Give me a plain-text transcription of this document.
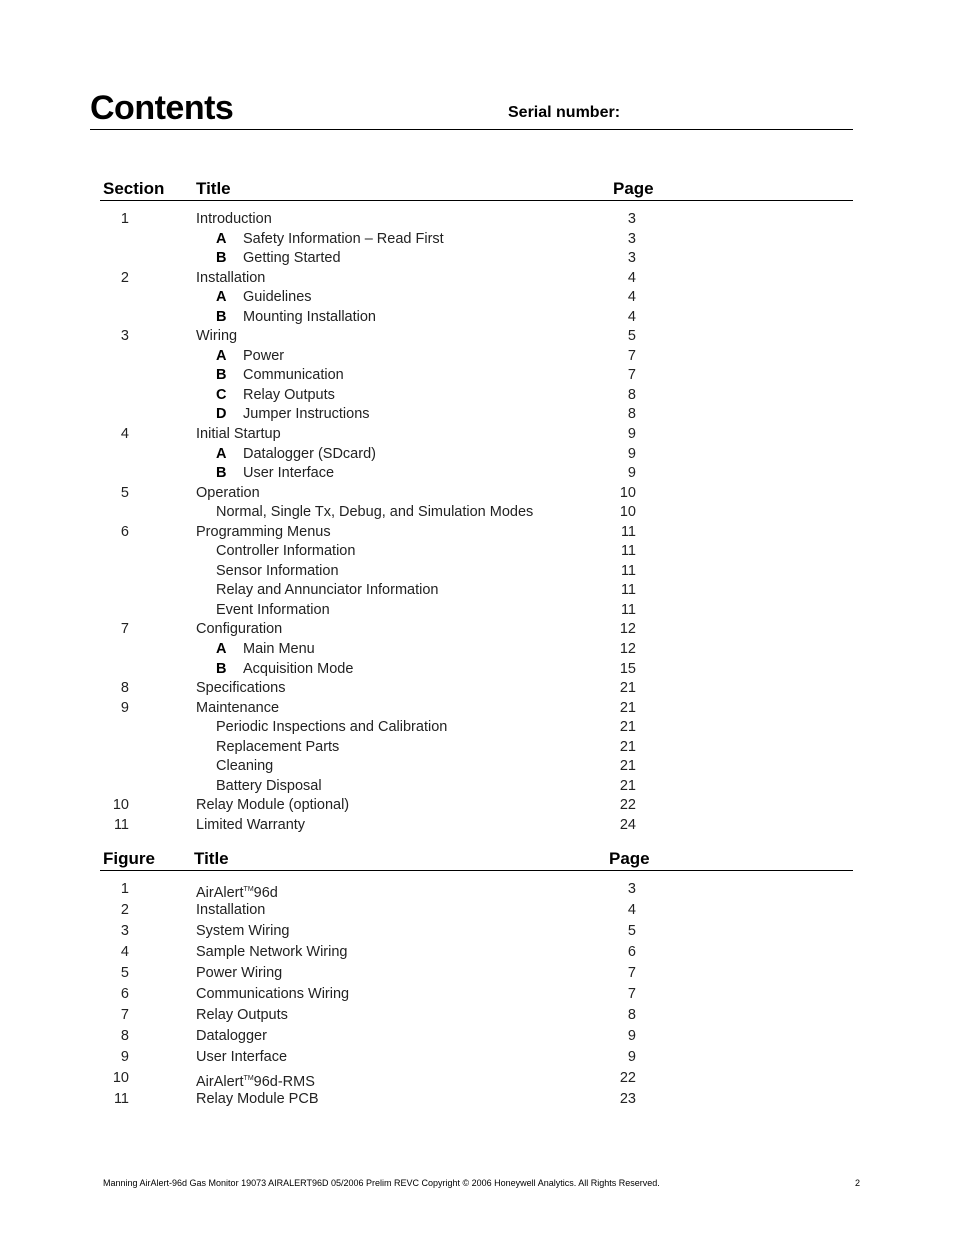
Contents	Serial number:
Section Title	Page
1	Introduction	3
A Safety Information – Read First	3
B Getting Started	3
2	Installation	4
A Guidelines	4
B Mounting Installation	4
3	Wiring	5
A Power	7
B Communication	7
C Relay Outputs	8
D Jumper Instructions	8
4	Initial Startup	9
A Datalogger (SDcard)	9
B User Interface	9
5	Operation	10
Normal, Single Tx, Debug, and Simulation Modes	10
6	Programming Menus	11
Controller Information	11
Sensor Information	11
Relay and Annunciator Information	11
Event Information	11
7	Configuration	12
A Main Menu	12
B Acquisition Mode	15
8	Specifications	21
9	Maintenance	21
Periodic Inspections and Calibration	21
Replacement Parts	21
Cleaning	21
Battery Disposal	21
10	Relay Module (optional)	22
11	Limited Warranty	24
Figure Title	Page
1	AirAlert™96d	3
2	Installation	4
3	System Wiring	5
4	Sample Network Wiring	6
5	Power Wiring	7
6	Communications Wiring	7
7	Relay Outputs	8
8	Datalogger	9
9	User Interface	9
10	AirAlert™96d-RMS	22
11	Relay Module PCB	23
Manning AirAlert-96d Gas Monitor 19073 AIRALERT96D 05/2006 Prelim REVC Copyright © 2006 Honeywell Analytics. All Rights Reserved.	2
